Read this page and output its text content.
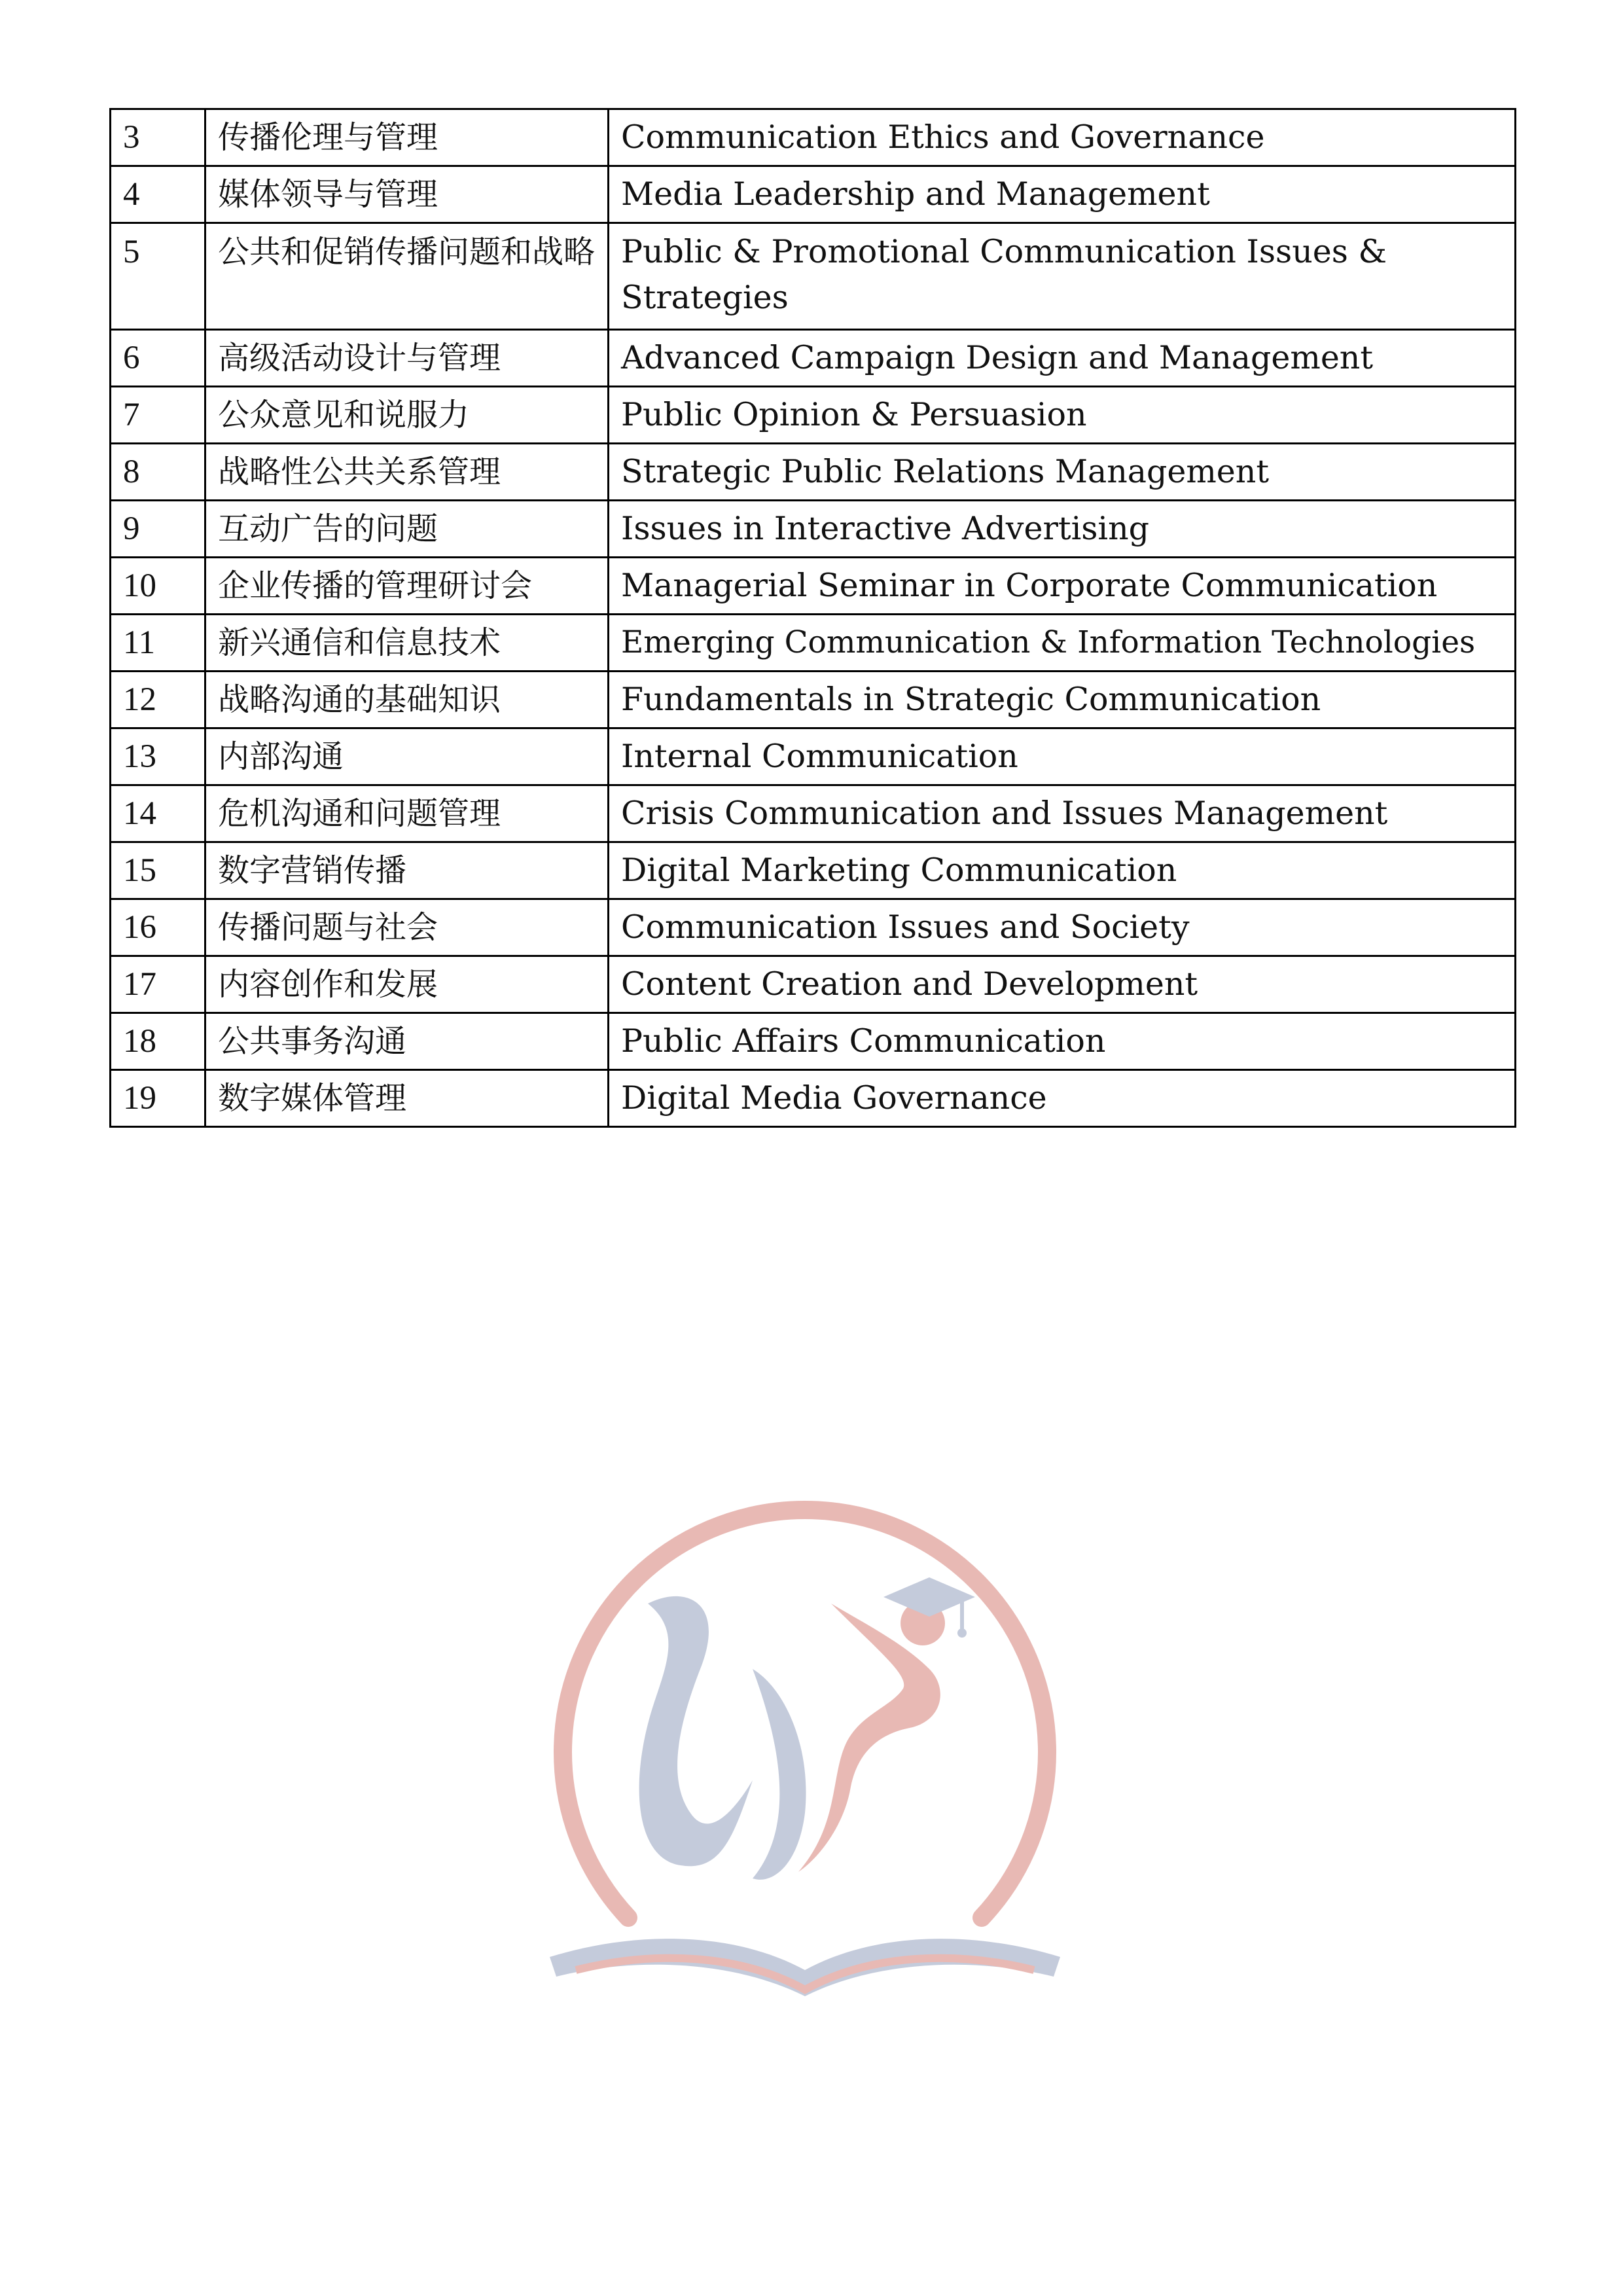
3	传播伦理与管理	Communication Ethics and Governance
4	媒体领导与管理	Media Leadership and Management
5	公共和促销传播问题和战略	Public & Promotional Communication Issues & Strategies
6	高级活动设计与管理	Advanced Campaign Design and Management
7	公众意见和说服力	Public Opinion & Persuasion
8	战略性公共关系管理	Strategic Public Relations Management
9	互动广告的问题	Issues in Interactive Advertising
10	企业传播的管理研讨会	Managerial Seminar in Corporate Communication
11	新兴通信和信息技术	Emerging Communication & Information Technologies
12	战略沟通的基础知识	Fundamentals in Strategic Communication
13	内部沟通	Internal Communication
14	危机沟通和问题管理	Crisis Communication and Issues Management
15	数字营销传播	Digital Marketing Communication
16	传播问题与社会	Communication Issues and Society
17	内容创作和发展	Content Creation and Development
18	公共事务沟通	Public Affairs Communication
19	数字媒体管理	Digital Media Governance
